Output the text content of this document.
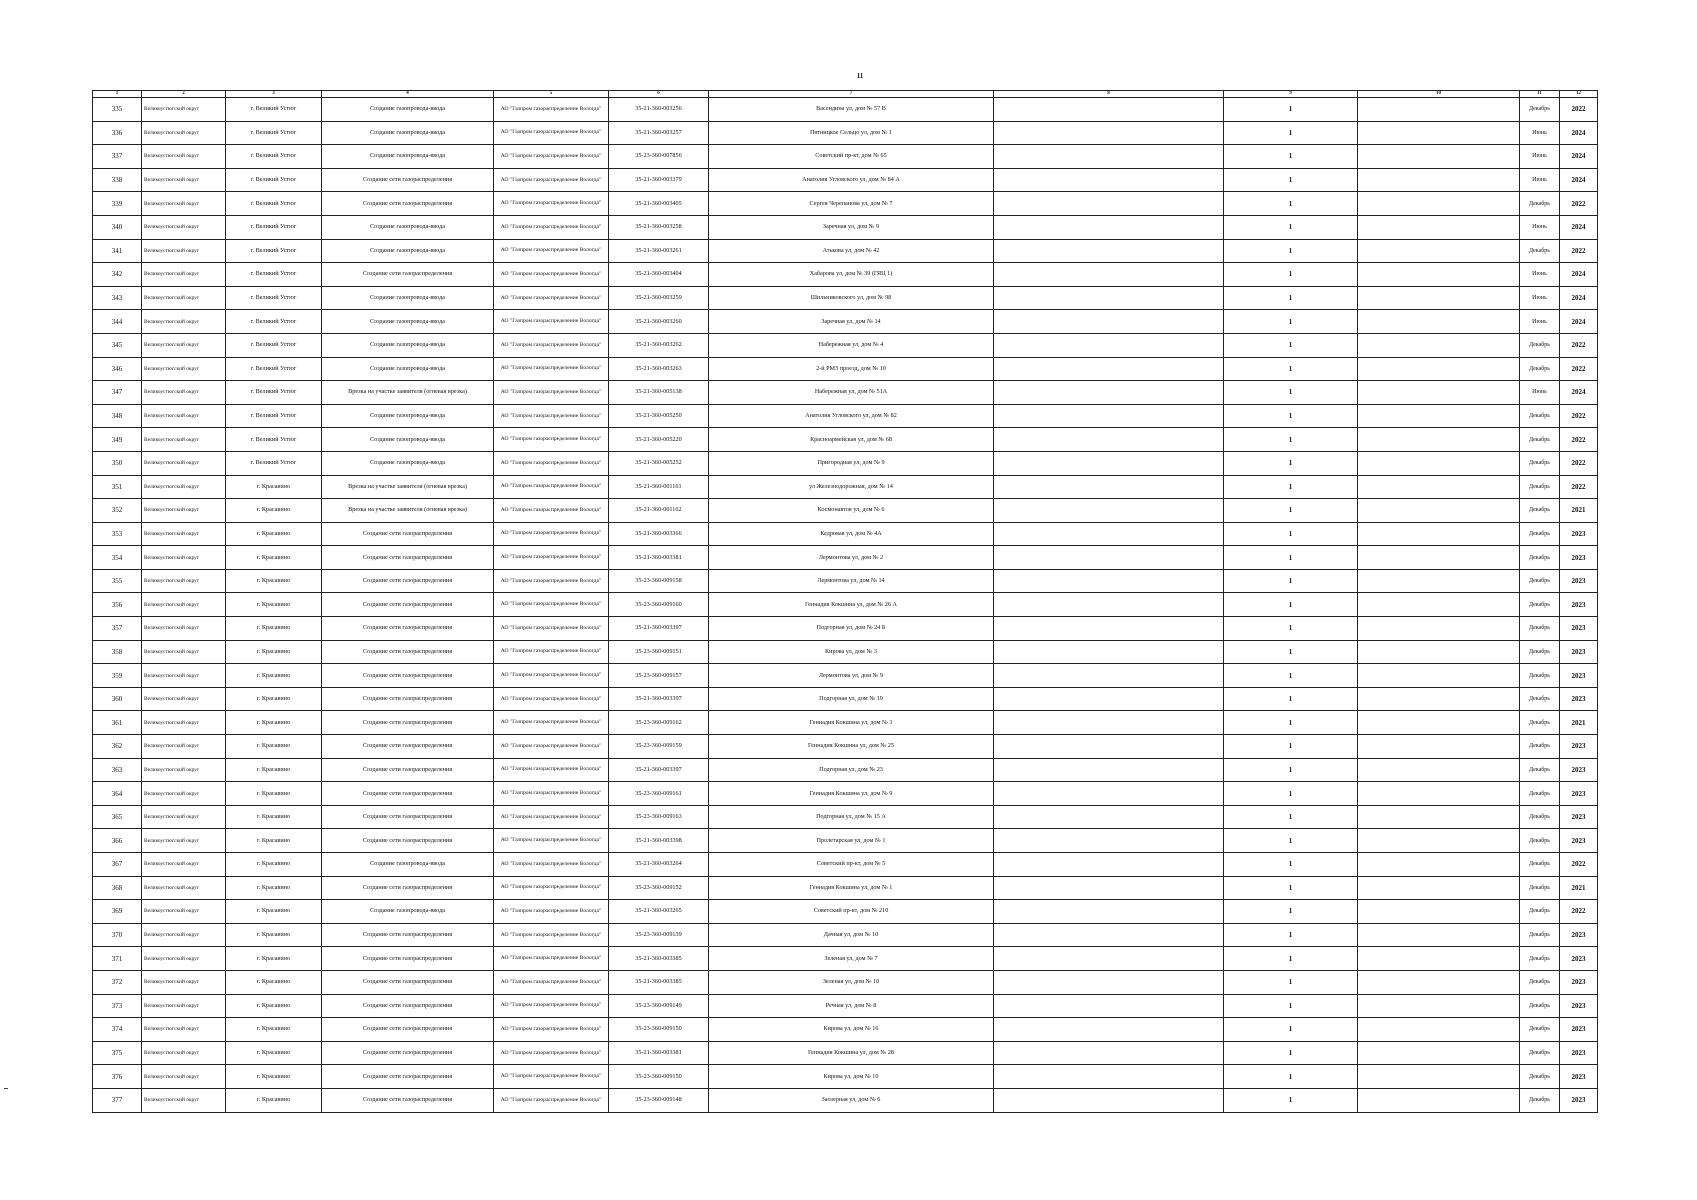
11
1	2	3	4	5	6	7	8	9	10	11	12
335	Великоустюгский округ	г. Великий Устюг	Создание газопровода-ввода	АО "Газпром газораспределение Вологда"	35-21-360-003256	Васендина ул, дом № 57 В		1		Декабрь	2022
336	Великоустюгский округ	г. Великий Устюг	Создание газопровода-ввода	АО "Газпром газораспределение Вологда"	35-21-360-003257	Пятницкое Сельцо ул, дом № 1		1		Июнь	2024
337	Великоустюгский округ	г. Великий Устюг	Создание газопровода-ввода	АО "Газпром газораспределение Вологда"	35-23-360-007856	Советский пр-кт, дом № 65		1		Июнь	2024
338	Великоустюгский округ	г. Великий Устюг	Создание сети газораспределения	АО "Газпром газораспределение Вологда"	35-21-360-003379	Анатолия Угловского ул, дом № 84 А		1		Июнь	2024
339	Великоустюгский округ	г. Великий Устюг	Создание сети газораспределения	АО "Газпром газораспределение Вологда"	35-21-360-003405	Сергея Черепанова ул, дом № 7		1		Декабрь	2022
340	Великоустюгский округ	г. Великий Устюг	Создание газопровода-ввода	АО "Газпром газораспределение Вологда"	35-21-360-003258	Заречная ул, дом № 9		1		Июнь	2024
341	Великоустюгский округ	г. Великий Устюг	Создание газопровода-ввода	АО "Газпром газораспределение Вологда"	35-21-360-003261	Атькова ул, дом № 42		1		Декабрь	2022
342	Великоустюгский округ	г. Великий Устюг	Создание сети газораспределения	АО "Газпром газораспределение Вологда"	35-21-360-003404	Хабарова ул, дом № 39 (ГЯЦ 1)		1		Июнь	2024
343	Великоустюгский округ	г. Великий Устюг	Создание газопровода-ввода	АО "Газпром газораспределение Вологда"	35-21-360-003259	Шильниковского ул, дом № 98		1		Июнь	2024
344	Великоустюгский округ	г. Великий Устюг	Создание газопровода-ввода	АО "Газпром газораспределение Вологда"	35-21-360-003260	Заречная ул, дом № 14		1		Июнь	2024
345	Великоустюгский округ	г. Великий Устюг	Создание газопровода-ввода	АО "Газпром газораспределение Вологда"	35-21-360-003262	Набережная ул, дом № 4		1		Декабрь	2022
346	Великоустюгский округ	г. Великий Устюг	Создание газопровода-ввода	АО "Газпром газораспределение Вологда"	35-21-360-003263	2-й РМЗ проезд, дом № 10		1		Декабрь	2022
347	Великоустюгский округ	г. Великий Устюг	Врезка на участке заявителя (огневая врезка)	АО "Газпром газораспределение Вологда"	35-21-360-005138	Набережная ул, дом № 51А		1		Июнь	2024
348	Великоустюгский округ	г. Великий Устюг	Создание газопровода-ввода	АО "Газпром газораспределение Вологда"	35-21-360-005250	Анатолия Угловского ул, дом № 82		1		Декабрь	2022
349	Великоустюгский округ	г. Великий Устюг	Создание газопровода-ввода	АО "Газпром газораспределение Вологда"	35-21-360-005220	Красноармейская ул, дом № 68		1		Декабрь	2022
350	Великоустюгский округ	г. Великий Устюг	Создание газопровода-ввода	АО "Газпром газораспределение Вологда"	35-21-360-005252	Пригородная ул, дом № 9		1		Декабрь	2022
351	Великоустюгский округ	г. Красавино	Врезка на участке заявителя (огневая врезка)	АО "Газпром газораспределение Вологда"	35-21-360-001161	ул Железнодорожная, дом № 14		1		Декабрь	2022
352	Великоустюгский округ	г. Красавино	Врезка на участке заявителя (огневая врезка)	АО "Газпром газораспределение Вологда"	35-21-360-001162	Космонавтов ул, дом № 6		1		Декабрь	2021
353	Великоустюгский округ	г. Красавино	Создание сети газораспределения	АО "Газпром газораспределение Вологда"	35-21-360-003366	Кедровая ул, дом № 4А		1		Декабрь	2023
354	Великоустюгский округ	г. Красавино	Создание сети газораспределения	АО "Газпром газораспределение Вологда"	35-21-360-003381	Лермонтова ул, дом № 2		1		Декабрь	2023
355	Великоустюгский округ	г. Красавино	Создание сети газораспределения	АО "Газпром газораспределение Вологда"	35-23-360-009158	Лермонтова ул, дом № 14		1		Декабрь	2023
356	Великоустюгский округ	г. Красавино	Создание сети газораспределения	АО "Газпром газораспределение Вологда"	35-23-360-009160	Геннадия Кокшина ул, дом № 26 А		1		Декабрь	2023
357	Великоустюгский округ	г. Красавино	Создание сети газораспределения	АО "Газпром газораспределение Вологда"	35-21-360-003397	Подгорная ул, дом № 24 Б		1		Декабрь	2023
358	Великоустюгский округ	г. Красавино	Создание сети газораспределения	АО "Газпром газораспределение Вологда"	35-23-360-009151	Кирова ул, дом № 3		1		Декабрь	2023
359	Великоустюгский округ	г. Красавино	Создание сети газораспределения	АО "Газпром газораспределение Вологда"	35-23-360-009157	Лермонтова ул, дом № 9		1		Декабрь	2023
360	Великоустюгский округ	г. Красавино	Создание сети газораспределения	АО "Газпром газораспределение Вологда"	35-21-360-003397	Подгорная ул, дом № 19		1		Декабрь	2023
361	Великоустюгский округ	г. Красавино	Создание сети газораспределения	АО "Газпром газораспределение Вологда"	35-23-360-009162	Геннадия Кокшина ул, дом № 3		1		Декабрь	2021
362	Великоустюгский округ	г. Красавино	Создание сети газораспределения	АО "Газпром газораспределение Вологда"	35-23-360-009159	Геннадия Кокшина ул, дом № 25		1		Декабрь	2023
363	Великоустюгский округ	г. Красавино	Создание сети газораспределения	АО "Газпром газораспределение Вологда"	35-21-360-003397	Подгорная ул, дом № 23		1		Декабрь	2023
364	Великоустюгский округ	г. Красавино	Создание сети газораспределения	АО "Газпром газораспределение Вологда"	35-23-360-009161	Геннадия Кокшина ул, дом № 9		1		Декабрь	2023
365	Великоустюгский округ	г. Красавино	Создание сети газораспределения	АО "Газпром газораспределение Вологда"	35-23-360-009163	Подгорная ул, дом № 15 А		1		Декабрь	2023
366	Великоустюгский округ	г. Красавино	Создание сети газораспределения	АО "Газпром газораспределение Вологда"	35-21-360-003398	Пролетарская ул, дом № 1		1		Декабрь	2023
367	Великоустюгский округ	г. Красавино	Создание газопровода-ввода	АО "Газпром газораспределение Вологда"	35-21-360-003264	Советский пр-кт, дом № 5		1		Декабрь	2022
368	Великоустюгский округ	г. Красавино	Создание сети газораспределения	АО "Газпром газораспределение Вологда"	35-23-360-009152	Геннадия Кокшина ул, дом № 1		1		Декабрь	2021
369	Великоустюгский округ	г. Красавино	Создание газопровода-ввода	АО "Газпром газораспределение Вологда"	35-21-360-003265	Советский пр-кт, дом № 210		1		Декабрь	2022
370	Великоустюгский округ	г. Красавино	Создание сети газораспределения	АО "Газпром газораспределение Вологда"	35-23-360-009139	Дачная ул, дом № 10		1		Декабрь	2023
371	Великоустюгский округ	г. Красавино	Создание сети газораспределения	АО "Газпром газораспределение Вологда"	35-21-360-003385	Зеленая ул, дом № 7		1		Декабрь	2023
372	Великоустюгский округ	г. Красавино	Создание сети газораспределения	АО "Газпром газораспределение Вологда"	35-21-360-003385	Зеленая ул, дом № 10		1		Декабрь	2023
373	Великоустюгский округ	г. Красавино	Создание сети газораспределения	АО "Газпром газораспределение Вологда"	35-23-360-009149	Речная ул, дом № 8		1		Декабрь	2023
374	Великоустюгский округ	г. Красавино	Создание сети газораспределения	АО "Газпром газораспределение Вологда"	35-23-360-009150	Кирова ул, дом № 16		1		Декабрь	2023
375	Великоустюгский округ	г. Красавино	Создание сети газораспределения	АО "Газпром газораспределение Вологда"	35-21-360-003381	Геннадия Кокшина ул, дом № 28		1		Декабрь	2023
376	Великоустюгский округ	г. Красавино	Создание сети газораспределения	АО "Газпром газораспределение Вологда"	35-23-360-009150	Кирова ул, дом № 10		1		Декабрь	2023
377	Великоустюгский округ	г. Красавино	Создание сети газораспределения	АО "Газпром газораспределение Вологда"	35-23-360-009148	Заозерная ул, дом № 6		1		Декабрь	2023
